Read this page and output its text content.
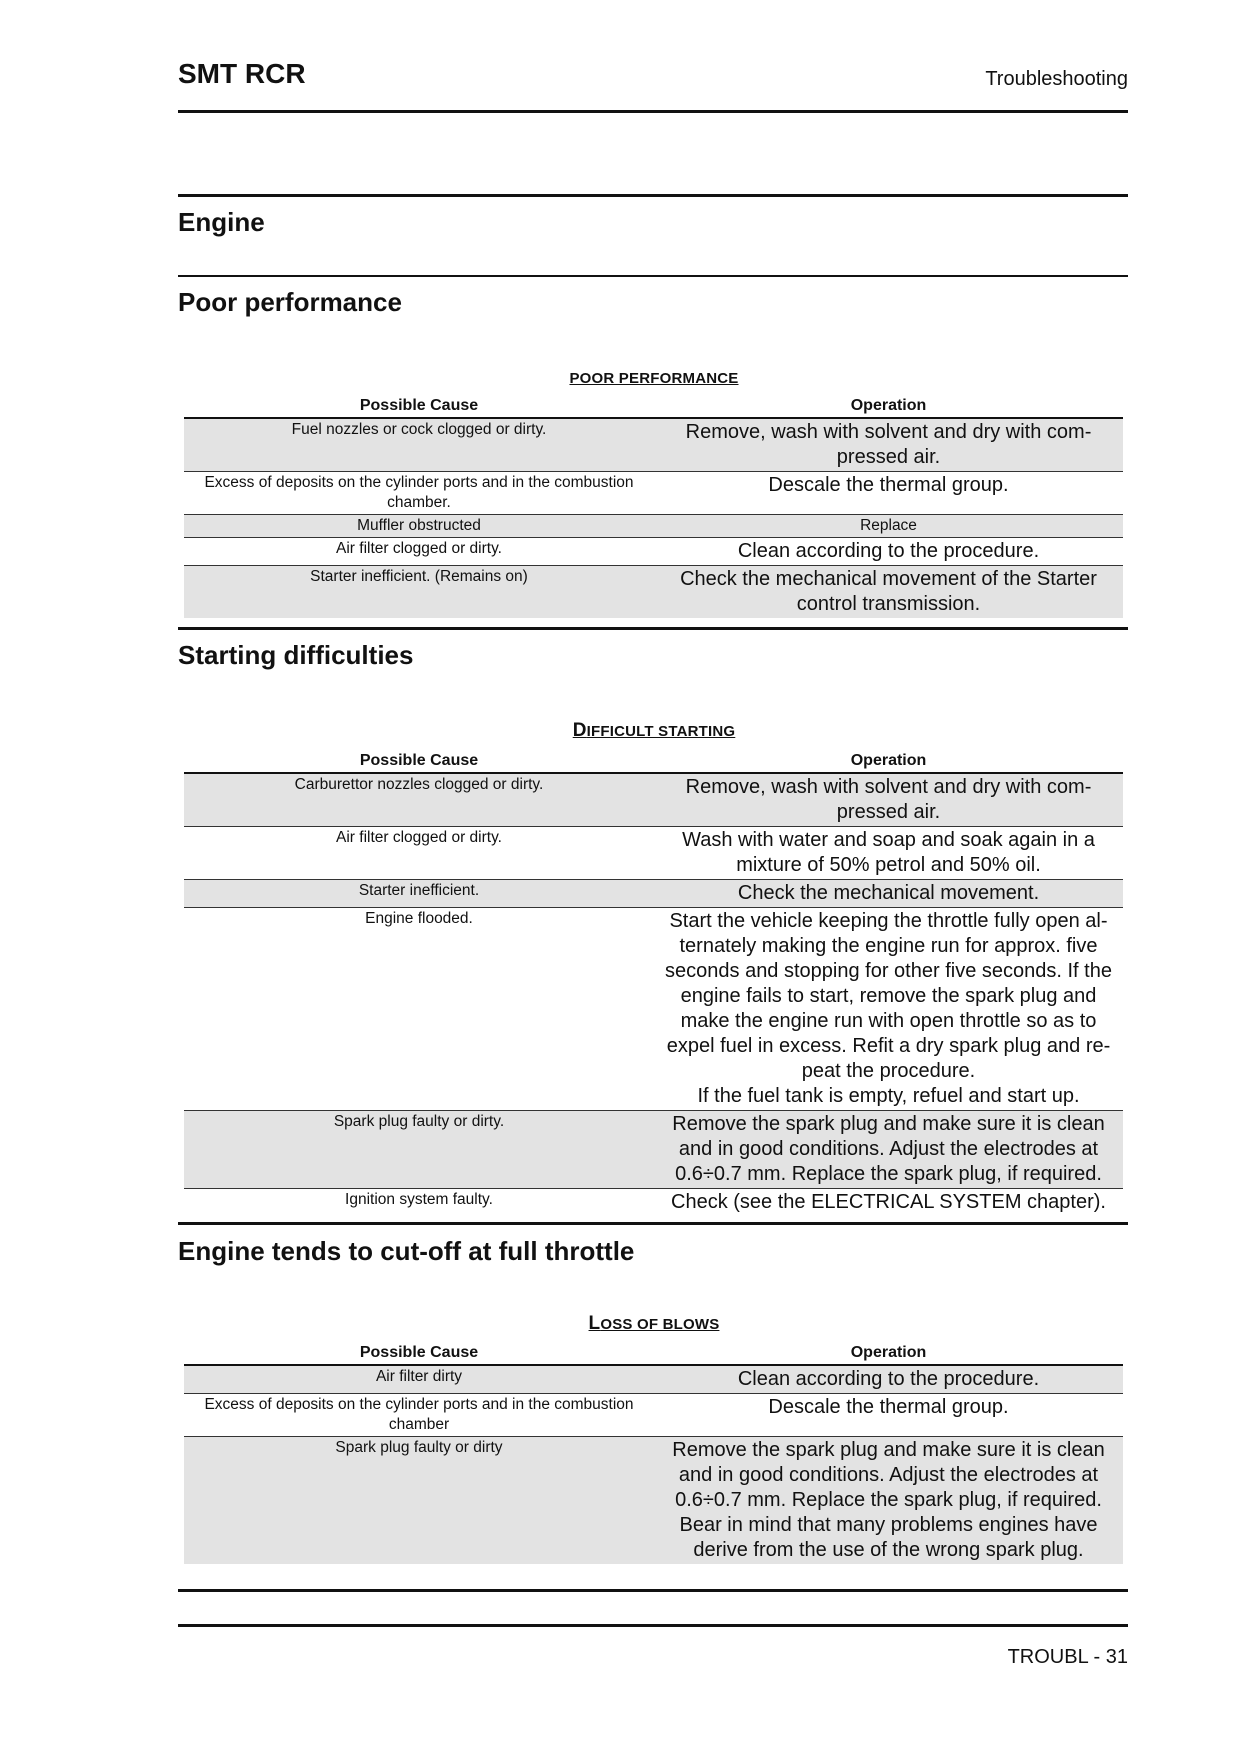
SMT RCR	Troubleshooting
Engine
Poor performance
POOR PERFORMANCE
Possible Cause	Operation
Fuel nozzles or cock clogged or dirty.	Remove, wash with solvent and dry with com- pressed air.
Excess of deposits on the cylinder ports and in the combustion chamber.	Descale the thermal group.
Muffler obstructed	Replace
Air filter clogged or dirty.	Clean according to the procedure.
Starter inefficient. (Remains on)	Check the mechanical movement of the Starter control transmission.
Starting difficulties
DIFFICULT STARTING
Possible Cause	Operation
Carburettor nozzles clogged or dirty.	Remove, wash with solvent and dry with com- pressed air.
Air filter clogged or dirty.	Wash with water and soap and soak again in a mixture of 50% petrol and 50% oil.
Starter inefficient.	Check the mechanical movement.
Engine flooded.	Start the vehicle keeping the throttle fully open al- ternately making the engine run for approx. five seconds and stopping for other five seconds. If the engine fails to start, remove the spark plug and make the engine run with open throttle so as to expel fuel in excess. Refit a dry spark plug and re- peat the procedure.
If the fuel tank is empty, refuel and start up.

Spark plug faulty or dirty.	Remove the spark plug and make sure it is clean and in good conditions. Adjust the electrodes at 0.6÷0.7 mm. Replace the spark plug, if required.
Ignition system faulty.	Check (see the ELECTRICAL SYSTEM chapter).
Engine tends to cut-off at full throttle
LOSS OF BLOWS
Possible Cause	Operation
Air filter dirty	Clean according to the procedure.
Excess of deposits on the cylinder ports and in the combustion chamber	Descale the thermal group.
Spark plug faulty or dirty	Remove the spark plug and make sure it is clean and in good conditions. Adjust the electrodes at 0.6÷0.7 mm. Replace the spark plug, if required. Bear in mind that many problems engines have derive from the use of the wrong spark plug.
TROUBL - 31
